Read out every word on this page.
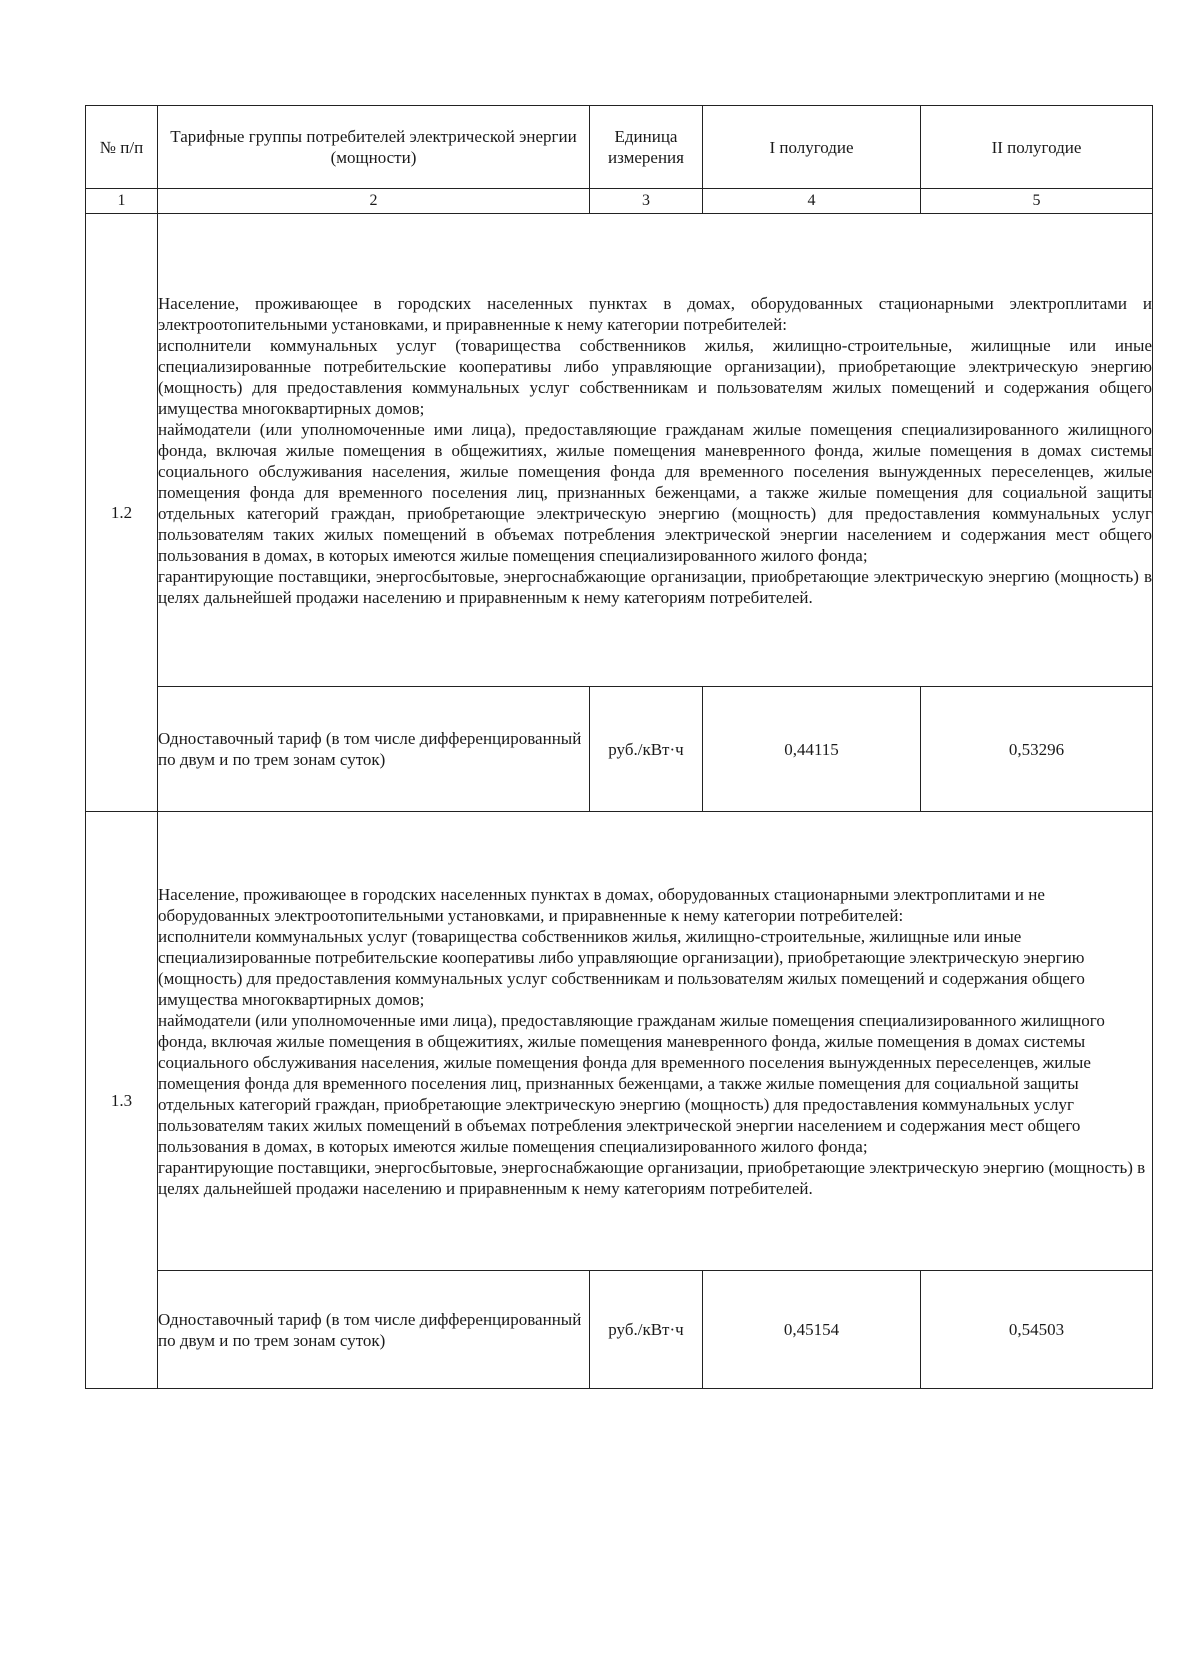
№ п/п	Тарифные группы потребителей электрической энергии (мощности)	Единица измерения	I полугодие	II полугодие
1	2	3	4	5
1.2	Население, проживающее в городских населенных пунктах в домах, оборудованных стационарными электроплитами и электроотопительными установками, и приравненные к нему категории потребителей:

исполнители коммунальных услуг (товарищества собственников жилья, жилищно-строительные, жилищные или иные специализированные потребительские кооперативы либо управляющие организации), приобретающие электрическую энергию (мощность) для предоставления коммунальных услуг собственникам и пользователям жилых помещений и содержания общего имущества многоквартирных домов;

наймодатели (или уполномоченные ими лица), предоставляющие гражданам жилые помещения специализированного жилищного фонда, включая жилые помещения в общежитиях, жилые помещения маневренного фонда, жилые помещения в домах системы социального обслуживания населения, жилые помещения фонда для временного поселения вынужденных переселенцев, жилые помещения фонда для временного поселения лиц, признанных беженцами, а также жилые помещения для социальной защиты отдельных категорий граждан, приобретающие электрическую энергию (мощность) для предоставления коммунальных услуг пользователям таких жилых помещений в объемах потребления электрической энергии населением и содержания мест общего пользования в домах, в которых имеются жилые помещения специализированного жилого фонда;

гарантирующие поставщики, энергосбытовые, энергоснабжающие организации, приобретающие электрическую энергию (мощность) в целях дальнейшей продажи населению и приравненным к нему категориям потребителей.			

	Одноставочный тариф (в том числе дифференцированный по двум и по трем зонам суток)	руб./кВт·ч	0,44115	0,53296
1.3	Население, проживающее в городских населенных пунктах в домах, оборудованных стационарными электроплитами и не оборудованных электроотопительными установками, и приравненные к нему категории потребителей:

исполнители коммунальных услуг (товарищества собственников жилья, жилищно-строительные, жилищные или иные специализированные потребительские кооперативы либо управляющие организации), приобретающие электрическую энергию (мощность) для предоставления коммунальных услуг собственникам и пользователям жилых помещений и содержания общего имущества многоквартирных домов;

наймодатели (или уполномоченные ими лица), предоставляющие гражданам жилые помещения специализированного жилищного фонда, включая жилые помещения в общежитиях, жилые помещения маневренного фонда, жилые помещения в домах системы социального обслуживания населения, жилые помещения фонда для временного поселения вынужденных переселенцев, жилые помещения фонда для временного поселения лиц, признанных беженцами, а также жилые помещения для социальной защиты отдельных категорий граждан, приобретающие электрическую энергию (мощность) для предоставления коммунальных услуг пользователям таких жилых помещений в объемах потребления электрической энергии населением и содержания мест общего пользования в домах, в которых имеются жилые помещения специализированного жилого фонда;

гарантирующие поставщики, энергосбытовые, энергоснабжающие организации, приобретающие электрическую энергию (мощность) в целях дальнейшей продажи населению и приравненным к нему категориям потребителей.			

	Одноставочный тариф (в том числе дифференцированный по двум и по трем зонам суток)	руб./кВт·ч	0,45154	0,54503
